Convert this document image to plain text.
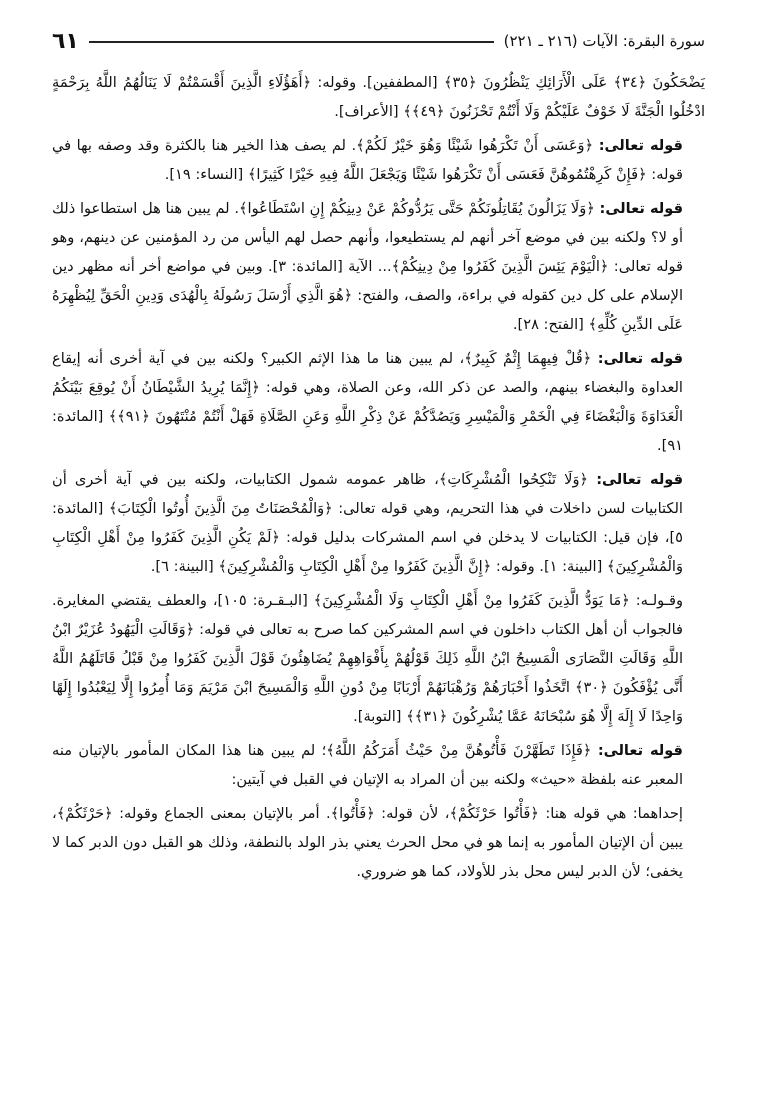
سورة البقرة: الآيات (٢١٦ ـ ٢٢١)
٦١

يَضْحَكُونَ ﴿٣٤﴾ عَلَى الْأَرَائِكِ يَنْظُرُونَ ﴿٣٥﴾ [المطففين]. وقوله: ﴿أَهَؤُلَاءِ الَّذِينَ أَقْسَمْتُمْ لَا يَنَالُهُمُ اللَّهُ بِرَحْمَةٍ ادْخُلُوا الْجَنَّةَ لَا خَوْفٌ عَلَيْكُمْ وَلَا أَنْتُمْ تَحْزَنُونَ ﴿٤٩﴾﴾ [الأعراف].

قوله تعالى: ﴿وَعَسَى أَنْ تَكْرَهُوا شَيْئًا وَهُوَ خَيْرٌ لَكُمْ﴾. لم يصف هذا الخير هنا بالكثرة وقد وصفه بها في قوله: ﴿فَإِنْ كَرِهْتُمُوهُنَّ فَعَسَى أَنْ تَكْرَهُوا شَيْئًا وَيَجْعَلَ اللَّهُ فِيهِ خَيْرًا كَثِيرًا﴾ [النساء: ١٩].

قوله تعالى: ﴿وَلَا يَزَالُونَ يُقَاتِلُونَكُمْ حَتَّى يَرُدُّوكُمْ عَنْ دِينِكُمْ إِنِ اسْتَطَاعُوا﴾. لم يبين هنا هل استطاعوا ذلك أو لا؟ ولكنه بين في موضع آخر أنهم لم يستطيعوا، وأنهم حصل لهم اليأس من رد المؤمنين عن دينهم، وهو قوله تعالى: ﴿الْيَوْمَ يَئِسَ الَّذِينَ كَفَرُوا مِنْ دِينِكُمْ﴾... الآية [المائدة: ٣]. وبين في مواضع أخر أنه مظهر دين الإسلام على كل دين كقوله في براءة، والصف، والفتح: ﴿هُوَ الَّذِي أَرْسَلَ رَسُولَهُ بِالْهُدَى وَدِينِ الْحَقِّ لِيُظْهِرَهُ عَلَى الدِّينِ كُلِّهِ﴾ [الفتح: ٢٨].

قوله تعالى: ﴿قُلْ فِيهِمَا إِثْمٌ كَبِيرٌ﴾، لم يبين هنا ما هذا الإثم الكبير؟ ولكنه بين في آية أخرى أنه إيقاع العداوة والبغضاء بينهم، والصد عن ذكر الله، وعن الصلاة، وهي قوله: ﴿إِنَّمَا يُرِيدُ الشَّيْطَانُ أَنْ يُوقِعَ بَيْنَكُمُ الْعَدَاوَةَ وَالْبَغْضَاءَ فِي الْخَمْرِ وَالْمَيْسِرِ وَيَصُدَّكُمْ عَنْ ذِكْرِ اللَّهِ وَعَنِ الصَّلَاةِ فَهَلْ أَنْتُمْ مُنْتَهُونَ ﴿٩١﴾﴾ [المائدة: ٩١].

قوله تعالى: ﴿وَلَا تَنْكِحُوا الْمُشْرِكَاتِ﴾، ظاهر عمومه شمول الكتابيات، ولكنه بين في آية أخرى أن الكتابيات لسن داخلات في هذا التحريم، وهي قوله تعالى: ﴿وَالْمُحْصَنَاتُ مِنَ الَّذِينَ أُوتُوا الْكِتَابَ﴾ [المائدة: ٥]، فإن قيل: الكتابيات لا يدخلن في اسم المشركات بدليل قوله: ﴿لَمْ يَكُنِ الَّذِينَ كَفَرُوا مِنْ أَهْلِ الْكِتَابِ وَالْمُشْرِكِينَ﴾ [البينة: ١]. وقوله: ﴿إِنَّ الَّذِينَ كَفَرُوا مِنْ أَهْلِ الْكِتَابِ وَالْمُشْرِكِينَ﴾ [البينة: ٦].

وقـولـه: ﴿مَا يَوَدُّ الَّذِينَ كَفَرُوا مِنْ أَهْلِ الْكِتَابِ وَلَا الْمُشْرِكِينَ﴾ [البـقـرة: ١٠٥]، والعطف يقتضي المغايرة. فالجواب أن أهل الكتاب داخلون في اسم المشركين كما صرح به تعالى في قوله: ﴿وَقَالَتِ الْيَهُودُ عُزَيْرٌ ابْنُ اللَّهِ وَقَالَتِ النَّصَارَى الْمَسِيحُ ابْنُ اللَّهِ ذَلِكَ قَوْلُهُمْ بِأَفْوَاهِهِمْ يُضَاهِئُونَ قَوْلَ الَّذِينَ كَفَرُوا مِنْ قَبْلُ قَاتَلَهُمُ اللَّهُ أَنَّى يُؤْفَكُونَ ﴿٣٠﴾ اتَّخَذُوا أَحْبَارَهُمْ وَرُهْبَانَهُمْ أَرْبَابًا مِنْ دُونِ اللَّهِ وَالْمَسِيحَ ابْنَ مَرْيَمَ وَمَا أُمِرُوا إِلَّا لِيَعْبُدُوا إِلَهًا وَاحِدًا لَا إِلَهَ إِلَّا هُوَ سُبْحَانَهُ عَمَّا يُشْرِكُونَ ﴿٣١﴾﴾ [التوبة].

قوله تعالى: ﴿فَإِذَا تَطَهَّرْنَ فَأْتُوهُنَّ مِنْ حَيْثُ أَمَرَكُمُ اللَّهُ﴾؛ لم يبين هنا هذا المكان المأمور بالإتيان منه المعبر عنه بلفظة «حيث» ولكنه بين أن المراد به الإتيان في القبل في آيتين:

إحداهما: هي قوله هنا: ﴿فَأْتُوا حَرْثَكُمْ﴾، لأن قوله: ﴿فَأْتُوا﴾. أمر بالإتيان بمعنى الجماع وقوله: ﴿حَرْثَكُمْ﴾، يبين أن الإتيان المأمور به إنما هو في محل الحرث يعني بذر الولد بالنطفة، وذلك هو القبل دون الدبر كما لا يخفى؛ لأن الدبر ليس محل بذر للأولاد، كما هو ضروري.
